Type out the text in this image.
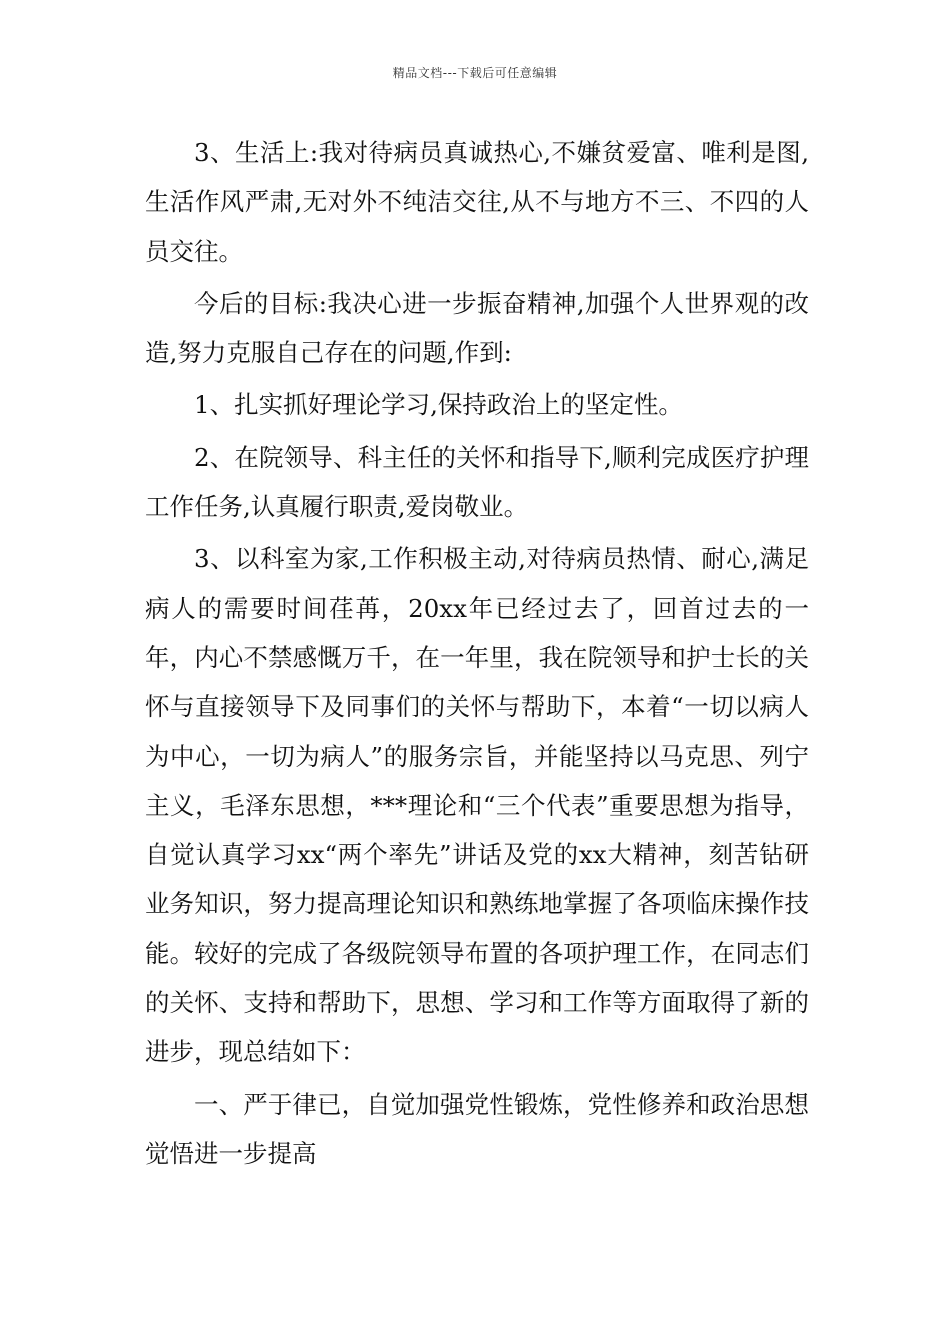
精品文档---下载后可任意编辑

3、生活上:我对待病员真诚热心,不嫌贫爱富、唯利是图,生活作风严肃,无对外不纯洁交往,从不与地方不三、不四的人员交往。

今后的目标:我决心进一步振奋精神,加强个人世界观的改造,努力克服自己存在的问题,作到:

1、扎实抓好理论学习,保持政治上的坚定性。

2、在院领导、科主任的关怀和指导下,顺利完成医疗护理工作任务,认真履行职责,爱岗敬业。

3、以科室为家,工作积极主动,对待病员热情、耐心,满足病人的需要时间荏苒，20xx年已经过去了，回首过去的一年，内心不禁感慨万千，在一年里，我在院领导和护士长的关怀与直接领导下及同事们的关怀与帮助下，本着“一切以病人为中心，一切为病人”的服务宗旨，并能坚持以马克思、列宁主义，毛泽东思想，***理论和“三个代表”重要思想为指导，自觉认真学习xx“两个率先”讲话及党的xx大精神，刻苦钻研业务知识，努力提高理论知识和熟练地掌握了各项临床操作技能。较好的完成了各级院领导布置的各项护理工作，在同志们的关怀、支持和帮助下，思想、学习和工作等方面取得了新的进步，现总结如下：

一、严于律已，自觉加强党性锻炼，党性修养和政治思想觉悟进一步提高
